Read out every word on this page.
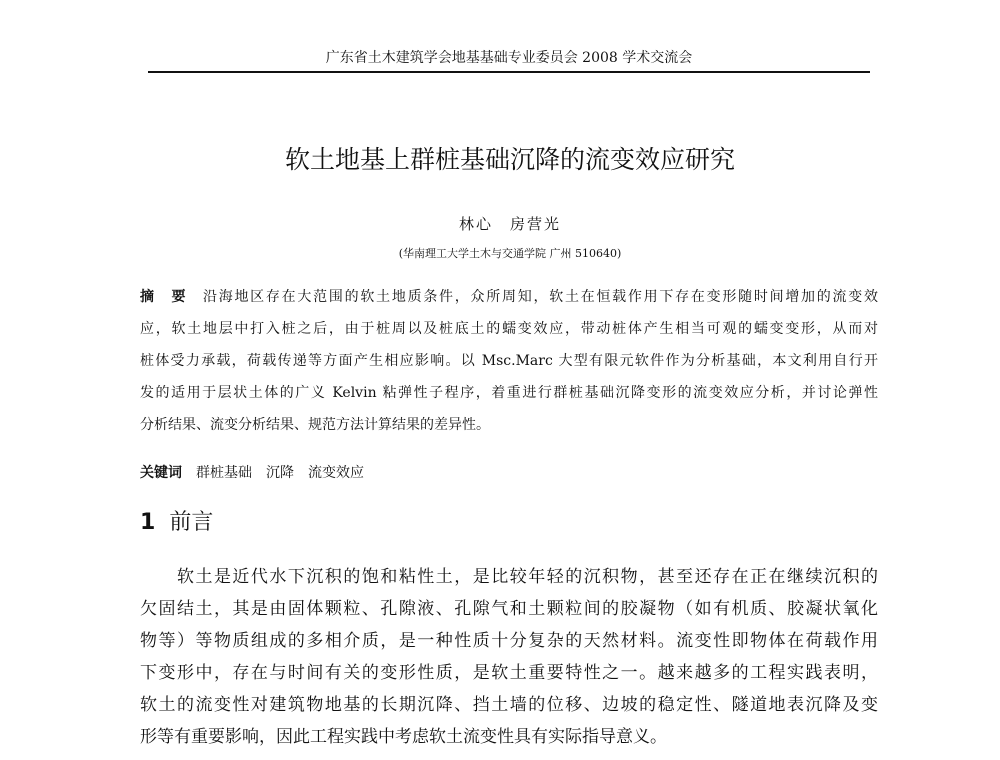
广东省土木建筑学会地基基础专业委员会 2008 学术交流会
软土地基上群桩基础沉降的流变效应研究
林心　房营光
(华南理工大学土木与交通学院 广州 510640)
摘　要　 沿海地区存在大范围的软土地质条件，众所周知，软土在恒载作用下存在变形随时间增加的流变效
应，软土地层中打入桩之后，由于桩周以及桩底土的蠕变效应，带动桩体产生相当可观的蠕变变形，从而对
桩体受力承载，荷载传递等方面产生相应影响。以 Msc.Marc 大型有限元软件作为分析基础，本文利用自行开
发的适用于层状土体的广义 Kelvin 粘弹性子程序，着重进行群桩基础沉降变形的流变效应分析，并讨论弹性
分析结果、流变分析结果、规范方法计算结果的差异性。
关键词　 群桩基础　沉降　流变效应
1 前言
　　软土是近代水下沉积的饱和粘性土，是比较年轻的沉积物，甚至还存在正在继续沉积的
欠固结土，其是由固体颗粒、孔隙液、孔隙气和土颗粒间的胶凝物（如有机质、胶凝状氧化
物等）等物质组成的多相介质，是一种性质十分复杂的天然材料。流变性即物体在荷载作用
下变形中，存在与时间有关的变形性质，是软土重要特性之一。越来越多的工程实践表明，
软土的流变性对建筑物地基的长期沉降、挡土墙的位移、边坡的稳定性、隧道地表沉降及变
形等有重要影响，因此工程实践中考虑软土流变性具有实际指导意义。
